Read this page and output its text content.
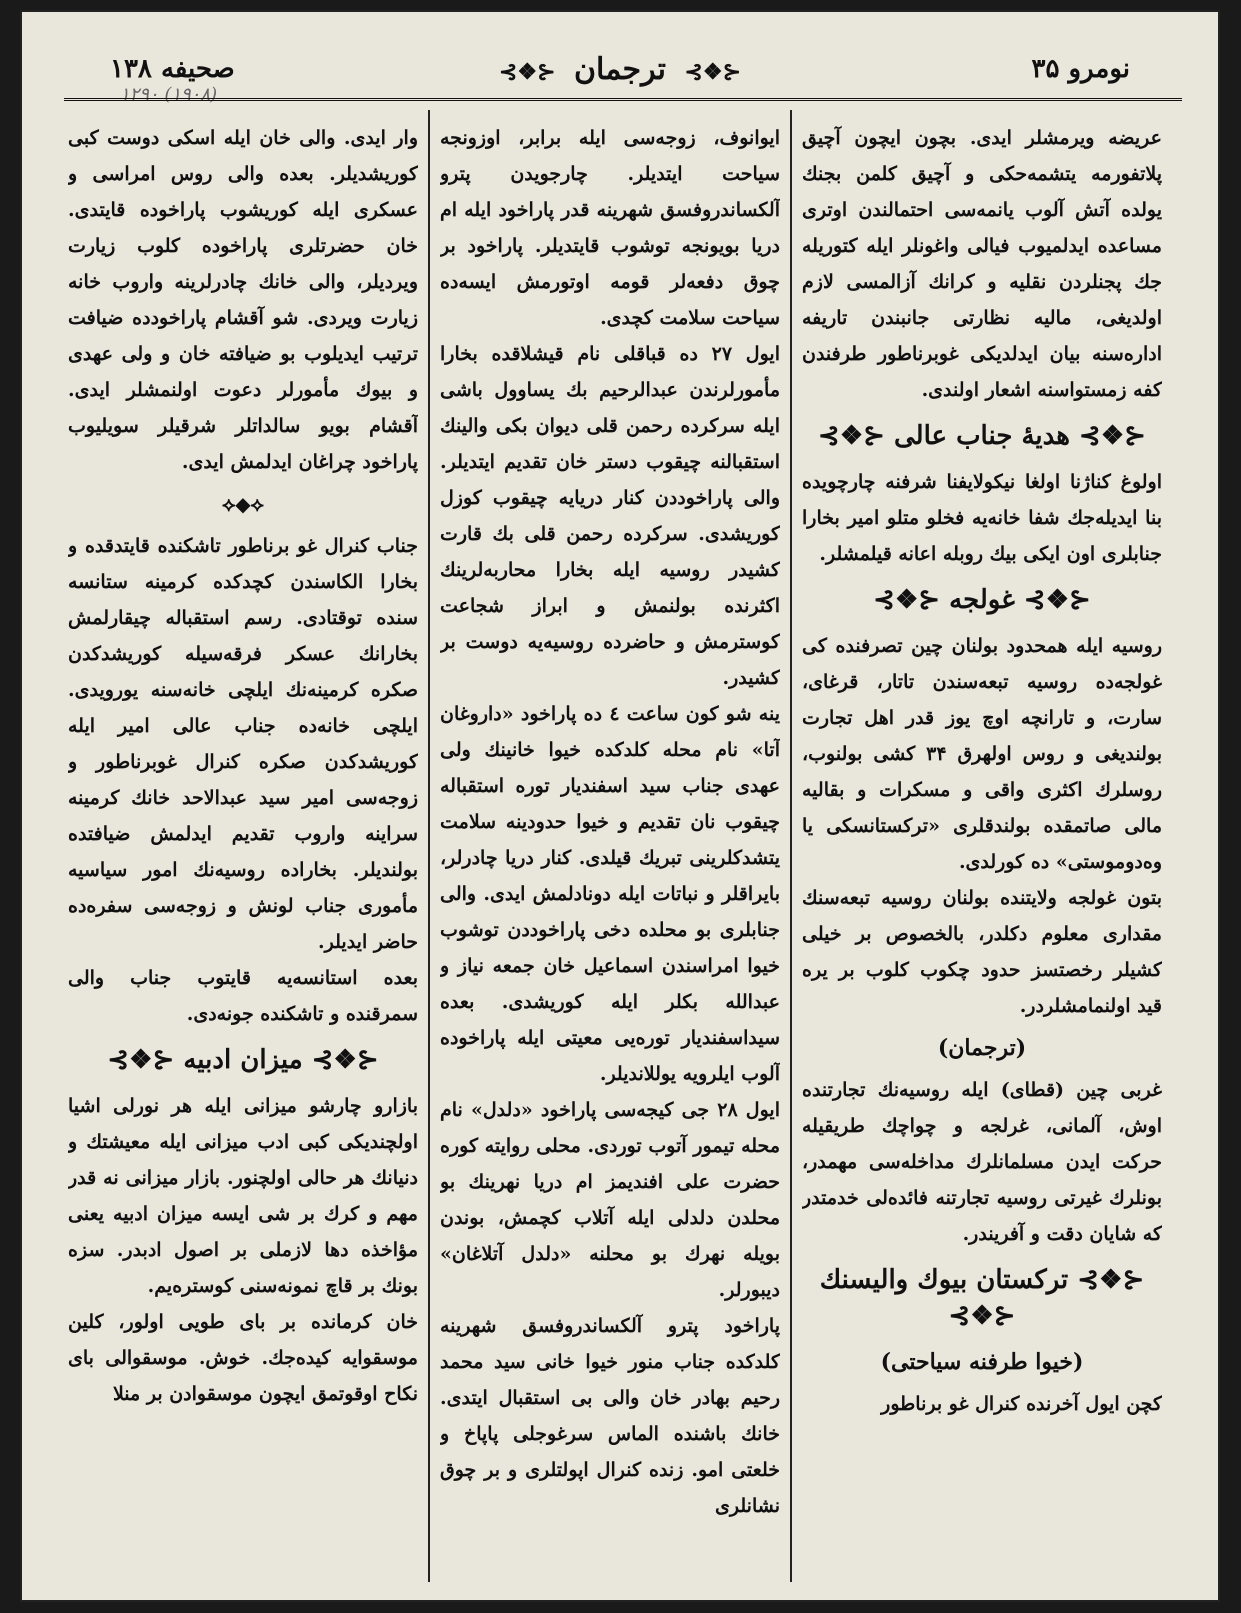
صحیفه ۱۳۸
۱۲۹۰ (۱۹۰۸)
⊰❖⊱ ترجمان ⊰❖⊱	نومرو ۳۵

عریضه ویرمشلر ایدی. بچون ایچون آچیق پلاتفورمه یتشمه‌حکی و آچیق کلمن بجنك یولده آتش آلوب یانمه‌سی احتمالندن اوتری مساعده ایدلمیوب فیالی واغونلر ایله کتوریله جك پجنلردن نقلیه و کرانك آزالمسی لازم اولدیغی، مالیه نظارتی جانبندن تاریفه اداره‌سنه بیان ایدلدیکی غوبرناطور طرفندن کفه زمستواسنه اشعار اولندی.

⊰❖⊱ هدیهٔ جناب عالی ⊰❖⊱

اولوغ کناژنا اولغا نیکولایفنا شرفنه چارچویده بنا ایدیله‌جك شفا خانه‌یه فخلو متلو امیر بخارا جنابلری اون ایکی بیك روبله اعانه قیلمشلر.

⊰❖⊱ غولجه ⊰❖⊱

روسیه ایله همحدود بولنان چین تصرفنده کی غولجه‌ده روسیه تبعه‌سندن تاتار، قرغای، سارت، و تارانچه اوچ یوز قدر اهل تجارت بولندیغی و روس اولهرق ۳۴ کشی بولنوب، روسلرك اکثری واقی و مسکرات و بقالیه مالی صاتمقده بولندقلری «ترکستانسکی یا وه‌دوموستی» ده کورلدی.

بتون غولجه ولایتنده بولنان روسیه تبعه‌سنك مقداری معلوم دکلدر، بالخصوص بر خیلی کشیلر رخصتسز حدود چکوب کلوب بر یره قید اولنمامشلردر.

(ترجمان)

غربی چین (قطای) ایله روسیه‌نك تجارتنده اوش، آلمانی، غرلجه و چواچك طریقیله حرکت ایدن مسلمانلرك مداخله‌سی مهمدر، بونلرك غیرتی روسیه تجارتنه فائده‌لی خدمتدر که شایان دقت و آفریندر.

⊰❖⊱ ترکستان بیوك والیسنك ⊰❖⊱
(خیوا طرفنه سیاحتی)

کچن ایول آخرنده کنرال غو برناطور

ایوانوف، زوجه‌سی ایله برابر، اوزونجه سیاحت ایتدیلر. چارجویدن پترو آلکساندروفسق شهرینه قدر پاراخود ایله ام دریا بویونجه توشوب قایتدیلر. پاراخود بر چوق دفعه‌لر قومه اوتورمش ایسه‌ده سیاحت سلامت کچدی.

ایول ۲۷ ده قباقلی نام قیشلاقده بخارا مأمورلرندن عبدالرحیم بك یساوول باشی ایله سرکرده رحمن قلی دیوان بکی والینك استقبالنه چیقوب دستر خان تقدیم ایتدیلر. والی پاراخوددن کنار دریایه چیقوب کوزل کوریشدی. سرکرده رحمن قلی بك قارت کشیدر روسیه ایله بخارا محاربه‌لرینك اکثرنده بولنمش و ابراز شجاعت کوسترمش و حاضرده روسیه‌یه دوست بر کشیدر.

ینه شو کون ساعت ٤ ده پاراخود «داروغان آتا» نام محله کلدکده خیوا خانینك ولی عهدی جناب سید اسفندیار توره استقباله چیقوب نان تقدیم و خیوا حدودینه سلامت یتشدکلرینی تبریك قیلدی. کنار دریا چادرلر، بایراقلر و نباتات ایله دونادلمش ایدی. والی جنابلری بو محلده دخی پاراخوددن توشوب خیوا امراسندن اسماعیل خان جمعه نیاز و عبدالله بکلر ایله کوریشدی. بعده سیداسفندیار توره‌یی معیتی ایله پاراخوده آلوب ایلرویه یوللاندیلر.

ایول ۲۸ جی کیجه‌سی پاراخود «دلدل» نام محله تیمور آتوب توردی. محلی روایته کوره حضرت علی افندیمز ام دریا نهرینك بو محلدن دلدلی ایله آتلاب کچمش، بوندن بویله نهرك بو محلنه «دلدل آتلاغان» دیبورلر.

پاراخود پترو آلکساندروفسق شهرینه کلدکده جناب منور خیوا خانی سید محمد رحیم بهادر خان والی بی استقبال ایتدی. خانك باشنده الماس سرغوجلی پاپاخ و خلعتی امو. زنده کنرال اپولتلری و بر چوق نشانلری

وار ایدی. والی خان ایله اسکی دوست کبی کوریشدیلر. بعده والی روس امراسی و عسکری ایله کوریشوب پاراخوده قایتدی. خان حضرتلری پاراخوده کلوب زیارت ویردیلر، والی خانك چادرلرینه واروب خانه زیارت ویردی. شو آقشام پاراخودده ضیافت ترتیب ایدیلوب بو ضیافته خان و ولی عهدی و بیوك مأمورلر دعوت اولنمشلر ایدی. آقشام بویو سالداتلر شرقیلر سویلیوب پاراخود چراغان ایدلمش ایدی.

⟡◆⟡

جناب کنرال غو برناطور تاشکنده قایتدقده و بخارا الکاسندن کچدکده کرمینه ستانسه سنده توقتادی. رسم استقباله چیقارلمش بخارانك عسکر فرقه‌سیله کوریشدکدن صکره کرمینه‌نك ایلچی خانه‌سنه یورویدی. ایلچی خانه‌ده جناب عالی امیر ایله کوریشدکدن صکره کنرال غوبرناطور و زوجه‌سی امیر سید عبدالاحد خانك کرمینه سراینه واروب تقدیم ایدلمش ضیافتده بولندیلر. بخاراده روسیه‌نك امور سیاسیه مأموری جناب لونش و زوجه‌سی سفره‌ده حاضر ایدیلر.

بعده استانسه‌یه قایتوب جناب والی سمرقنده و تاشکنده جونه‌دی.

⊰❖⊱ میزان ادبیه ⊰❖⊱

بازارو چارشو میزانی ایله هر نورلی اشیا اولچندیکی کبی ادب میزانی ایله معیشتك و دنیانك هر حالی اولچنور. بازار میزانی نه قدر مهم و کرك بر شی ایسه میزان ادبیه یعنی مؤاخذه دها لازملی بر اصول ادبدر. سزه بونك بر قاچ نمونه‌سنی کوستره‌یم.

خان کرمانده بر بای طویی اولور، کلین موسقوایه کیده‌جك. خوش. موسقوالی بای نکاح اوقوتمق ایچون موسقوادن بر منلا
